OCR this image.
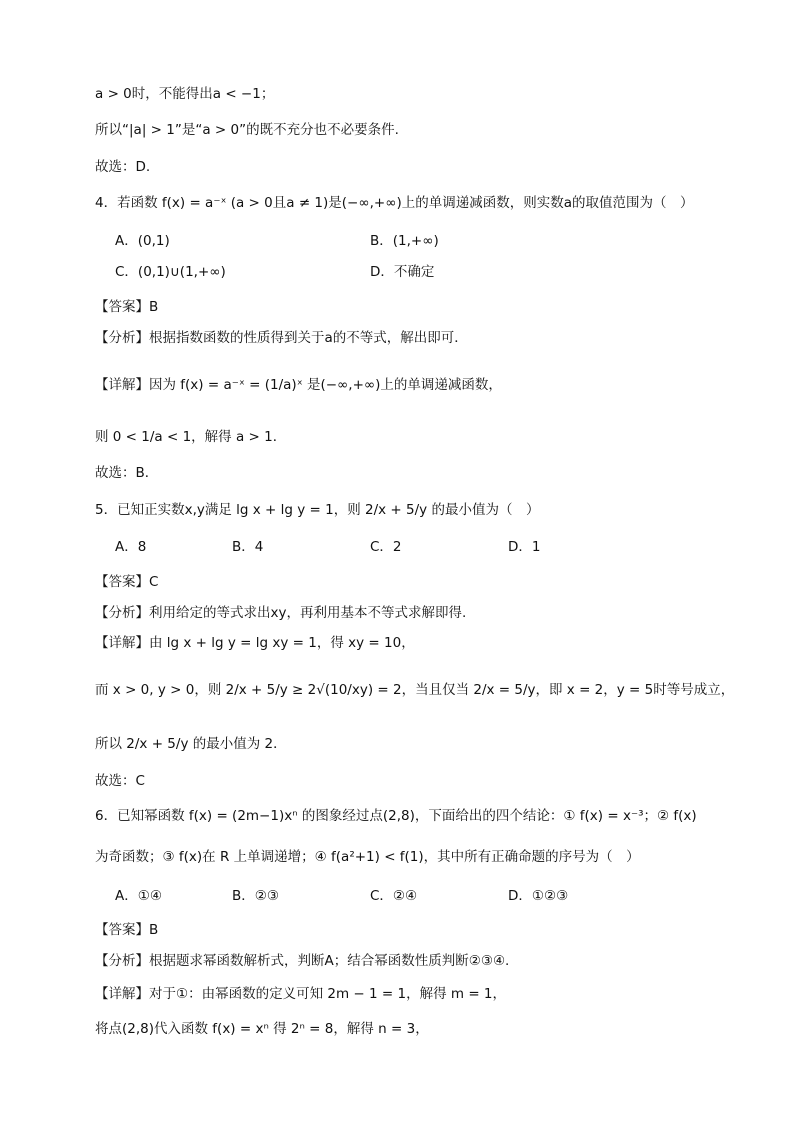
a > 0时，不能得出a < −1；
所以“|a| > 1”是“a > 0”的既不充分也不必要条件.
故选：D.
4．若函数 f(x) = a⁻ˣ (a > 0且a ≠ 1)是(−∞,+∞)上的单调递减函数，则实数a的取值范围为（　）
A．(0,1)	B．(1,+∞)
C．(0,1)∪(1,+∞)	D．不确定
【答案】B
【分析】根据指数函数的性质得到关于a的不等式，解出即可．
【详解】因为 f(x) = a⁻ˣ = (1/a)ˣ 是(−∞,+∞)上的单调递减函数，
则 0 < 1/a < 1，解得 a > 1．
故选：B．
5．已知正实数x,y满足 lg x + lg y = 1，则 2/x + 5/y 的最小值为（　）
A．8	B．4	C．2	D．1
【答案】C
【分析】利用给定的等式求出xy，再利用基本不等式求解即得.
【详解】由 lg x + lg y = lg xy = 1，得 xy = 10，
而 x > 0, y > 0，则 2/x + 5/y ≥ 2√(10/xy) = 2，当且仅当 2/x = 5/y，即 x = 2，y = 5时等号成立，
所以 2/x + 5/y 的最小值为 2．
故选：C
6．已知幂函数 f(x) = (2m−1)xⁿ 的图象经过点(2,8)，下面给出的四个结论：① f(x) = x⁻³；② f(x)
为奇函数；③ f(x)在 R 上单调递增；④ f(a²+1) < f(1)，其中所有正确命题的序号为（　）
A．①④	B．②③	C．②④	D．①②③
【答案】B
【分析】根据题求幂函数解析式，判断A；结合幂函数性质判断②③④.
【详解】对于①：由幂函数的定义可知 2m − 1 = 1，解得 m = 1，
将点(2,8)代入函数 f(x) = xⁿ 得 2ⁿ = 8，解得 n = 3，
